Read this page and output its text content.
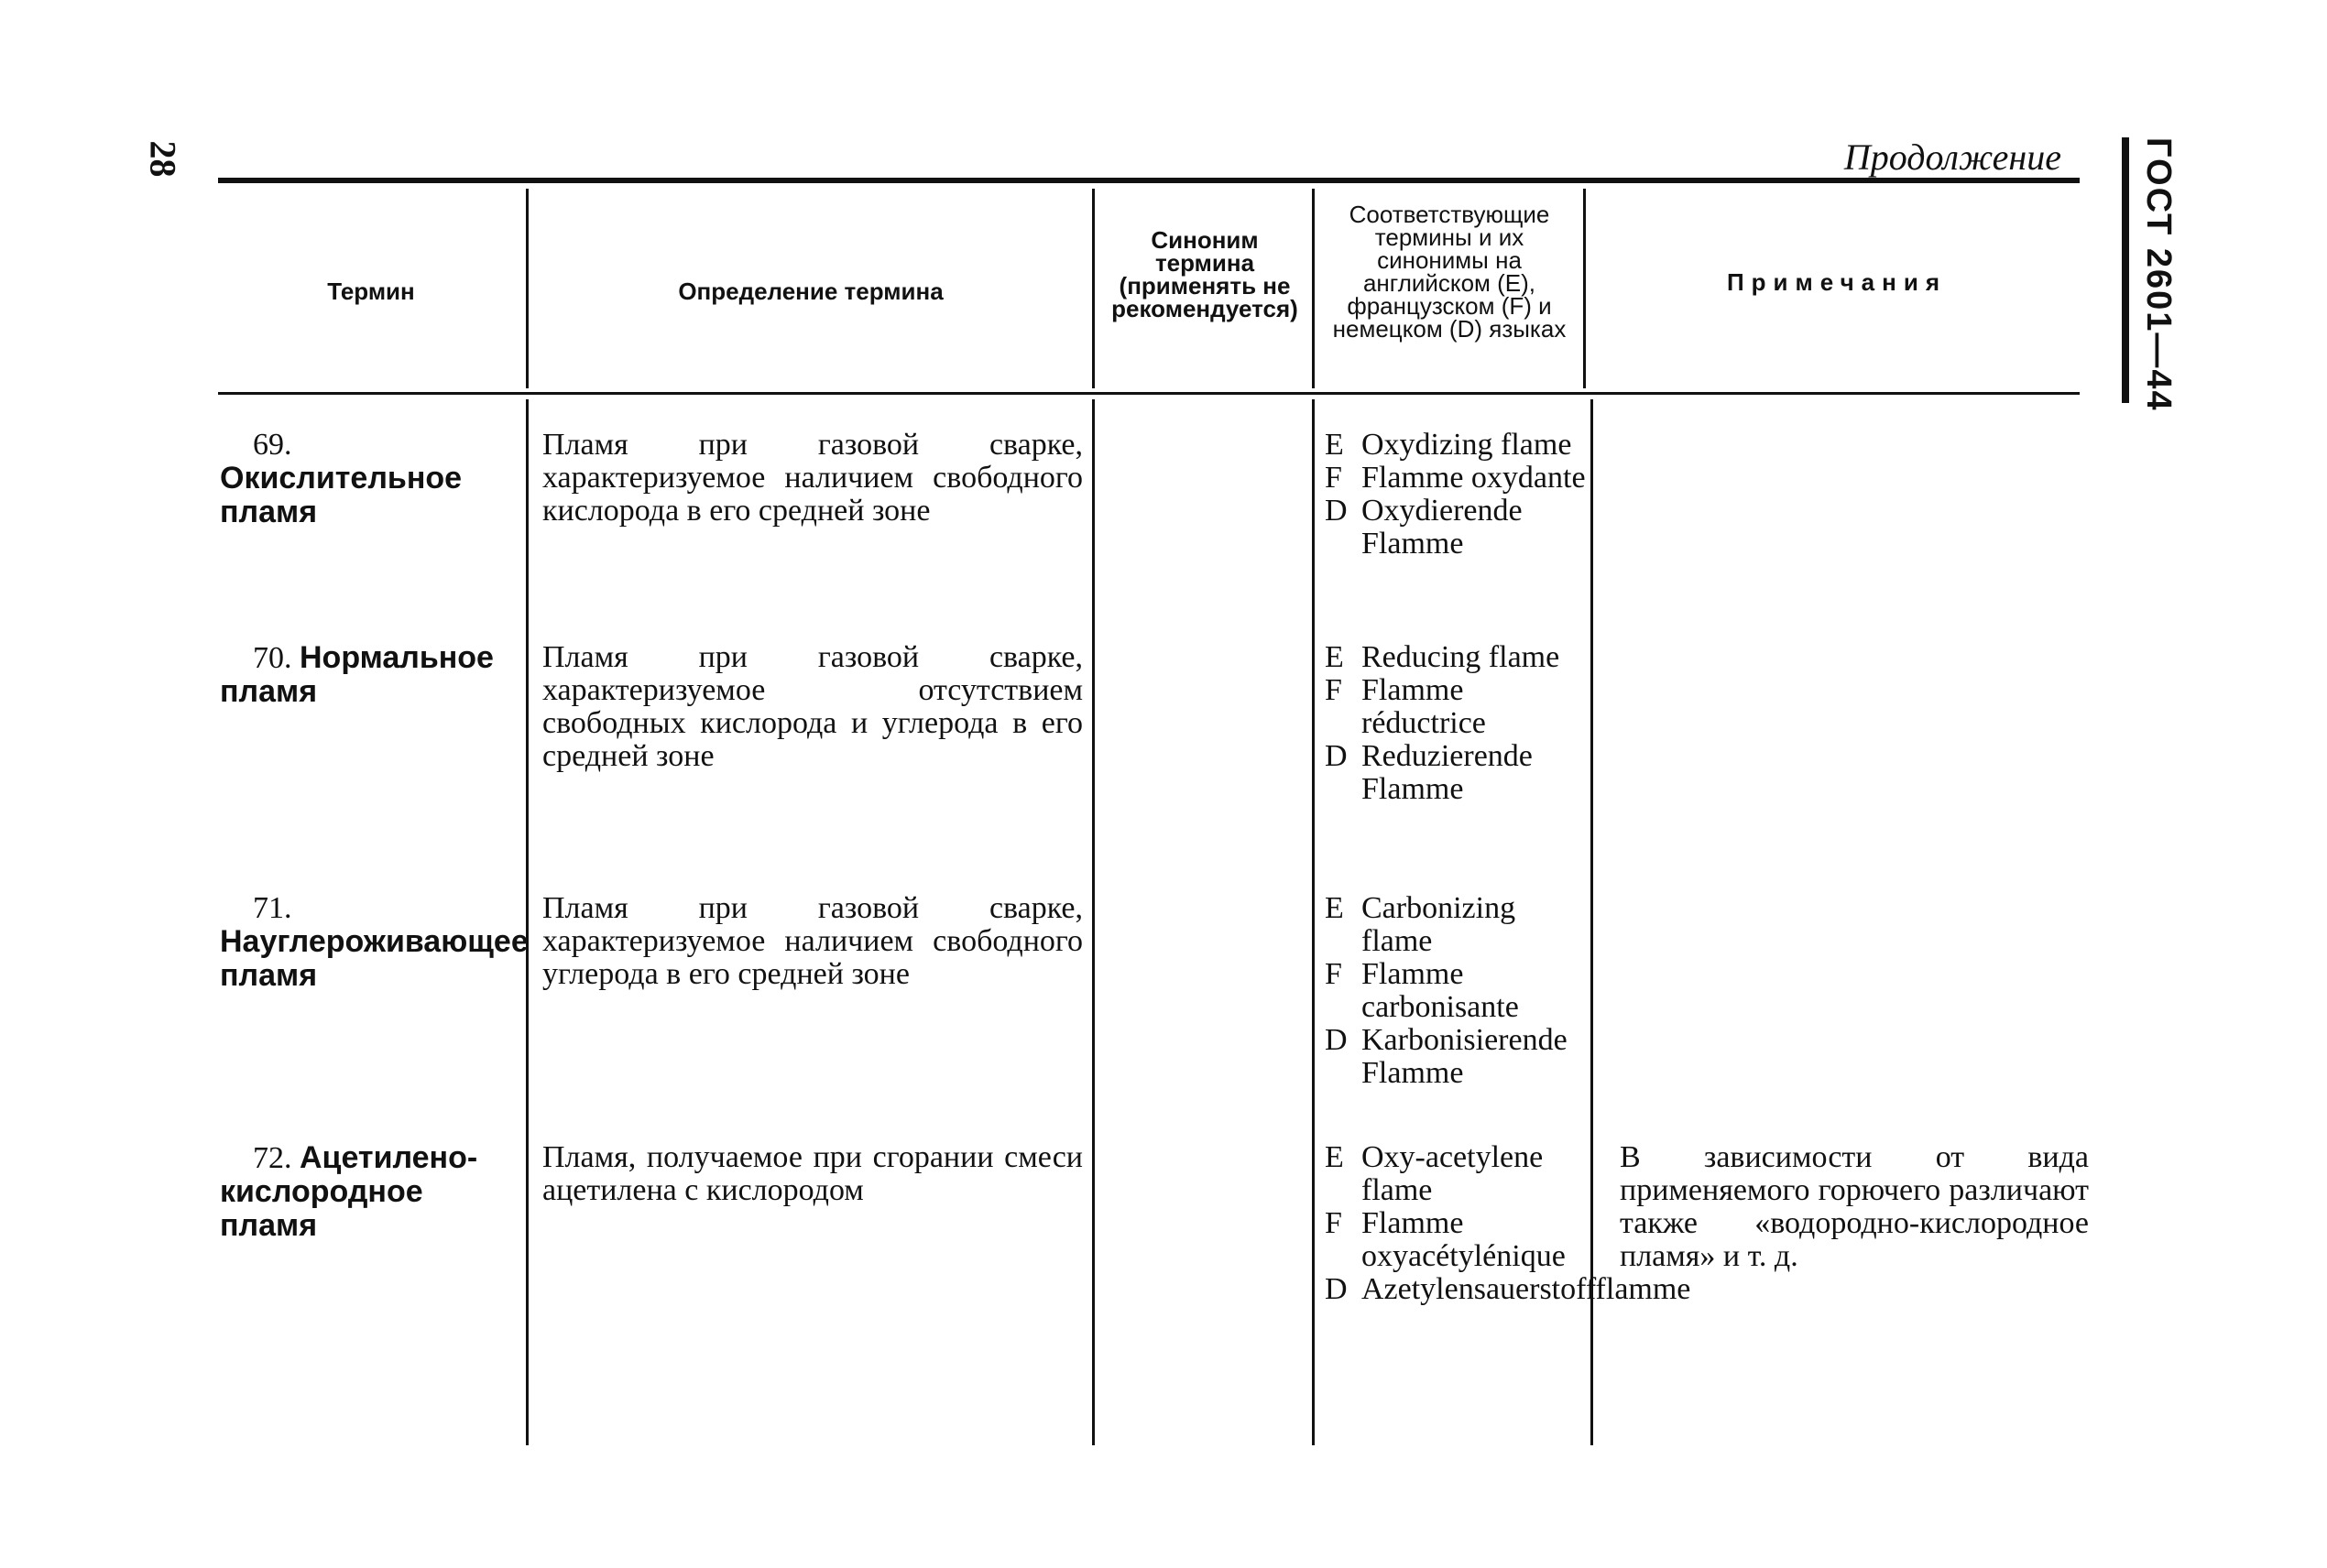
28	Продолжение ГОСТ 2601—44
Термин	Определение термина
Синоним термина (применять не рекомендуется)
Соответствующие термины и их синонимы на английском (E), французском (F) и немецком (D) языках
Примечания
69. Окислительное пламя
Пламя при газовой сварке, характеризуемое наличием свободного кислорода в его средней зоне
E Oxydizing flame
F Flamme oxydante
D Oxydierende Flamme
70. Нормальное пламя
Пламя при газовой сварке, характеризуемое отсутствием свободных кислорода и углерода в его средней зоне
E Reducing flame
F Flamme réductrice
D Reduzierende Flamme
71. Науглероживающее пламя
Пламя при газовой сварке, характеризуемое наличием свободного углерода в его средней зоне
E Carbonizing flame
F Flamme carbonisante
D Karbonisierende Flamme
72. Ацетилено-кислородное пламя
Пламя, получаемое при сгорании смеси ацетилена с кислородом
E Oxy-acetylene flame
F Flamme oxyacétylénique
D Azetylensauerstoffflamme
В зависимости от вида применяемого горючего различают также «водородно-кислородное пламя» и т. д.
